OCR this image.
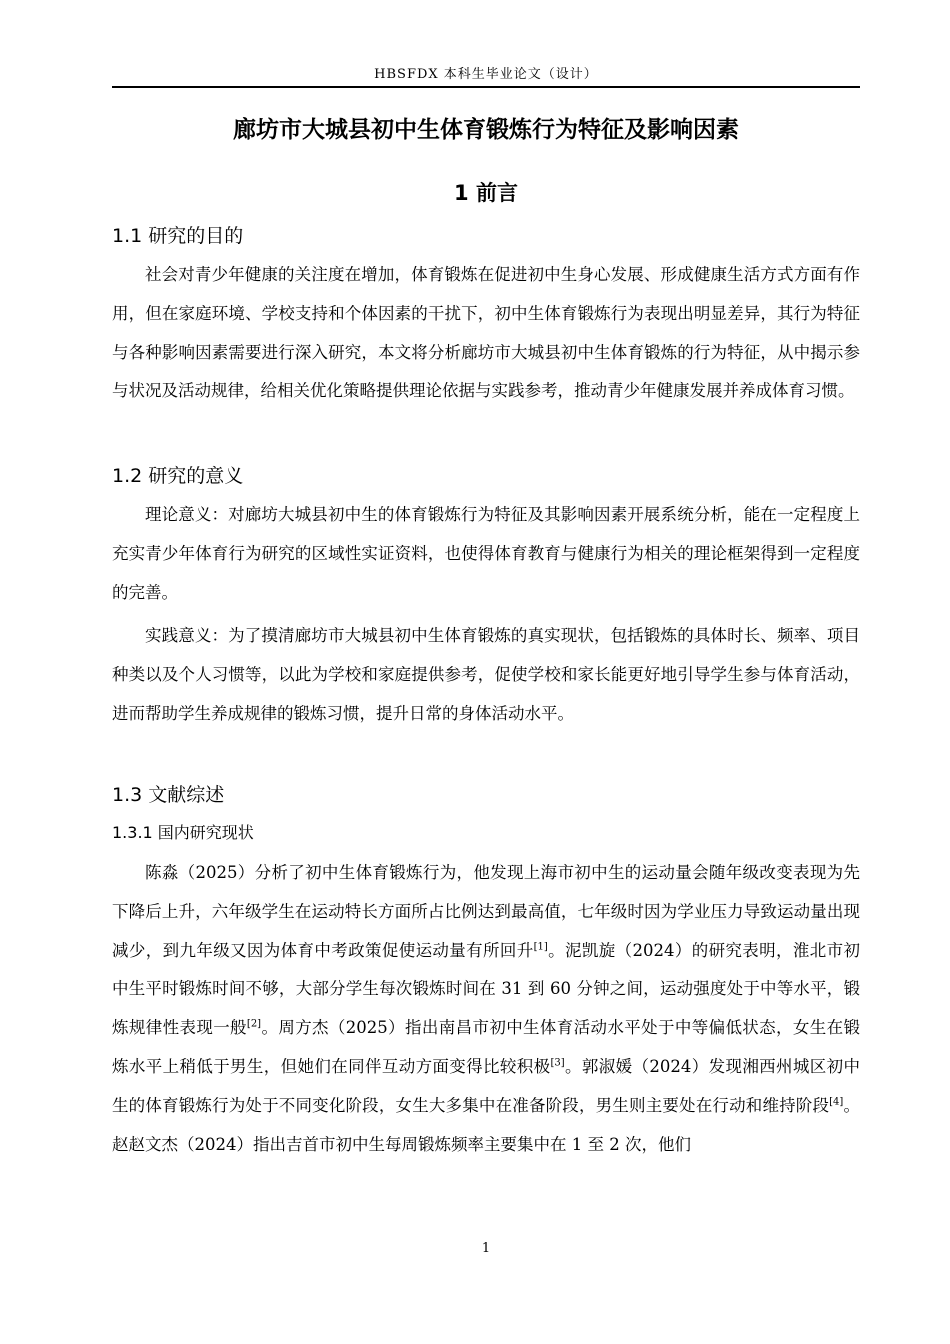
HBSFDX 本科生毕业论文（设计）
廊坊市大城县初中生体育锻炼行为特征及影响因素
1 前言
1.1 研究的目的

社会对青少年健康的关注度在增加，体育锻炼在促进初中生身心发展、形成健康生活方式方面有作用，但在家庭环境、学校支持和个体因素的干扰下，初中生体育锻炼行为表现出明显差异，其行为特征与各种影响因素需要进行深入研究，本文将分析廊坊市大城县初中生体育锻炼的行为特征，从中揭示参与状况及活动规律，给相关优化策略提供理论依据与实践参考，推动青少年健康发展并养成体育习惯。

1.2 研究的意义

理论意义：对廊坊大城县初中生的体育锻炼行为特征及其影响因素开展系统分析，能在一定程度上充实青少年体育行为研究的区域性实证资料，也使得体育教育与健康行为相关的理论框架得到一定程度的完善。

实践意义：为了摸清廊坊市大城县初中生体育锻炼的真实现状，包括锻炼的具体时长、频率、项目种类以及个人习惯等，以此为学校和家庭提供参考，促使学校和家长能更好地引导学生参与体育活动，进而帮助学生养成规律的锻炼习惯，提升日常的身体活动水平。

1.3 文献综述
1.3.1 国内研究现状

陈淼（2025）分析了初中生体育锻炼行为，他发现上海市初中生的运动量会随年级改变表现为先下降后上升，六年级学生在运动特长方面所占比例达到最高值，七年级时因为学业压力导致运动量出现减少，到九年级又因为体育中考政策促使运动量有所回升[1]。泥凯旋（2024）的研究表明，淮北市初中生平时锻炼时间不够，大部分学生每次锻炼时间在 31 到 60 分钟之间，运动强度处于中等水平，锻炼规律性表现一般[2]。周方杰（2025）指出南昌市初中生体育活动水平处于中等偏低状态，女生在锻炼水平上稍低于男生，但她们在同伴互动方面变得比较积极[3]。郭淑媛（2024）发现湘西州城区初中生的体育锻炼行为处于不同变化阶段，女生大多集中在准备阶段，男生则主要处在行动和维持阶段[4]。赵赵文杰（2024）指出吉首市初中生每周锻炼频率主要集中在 1 至 2 次，他们

1
